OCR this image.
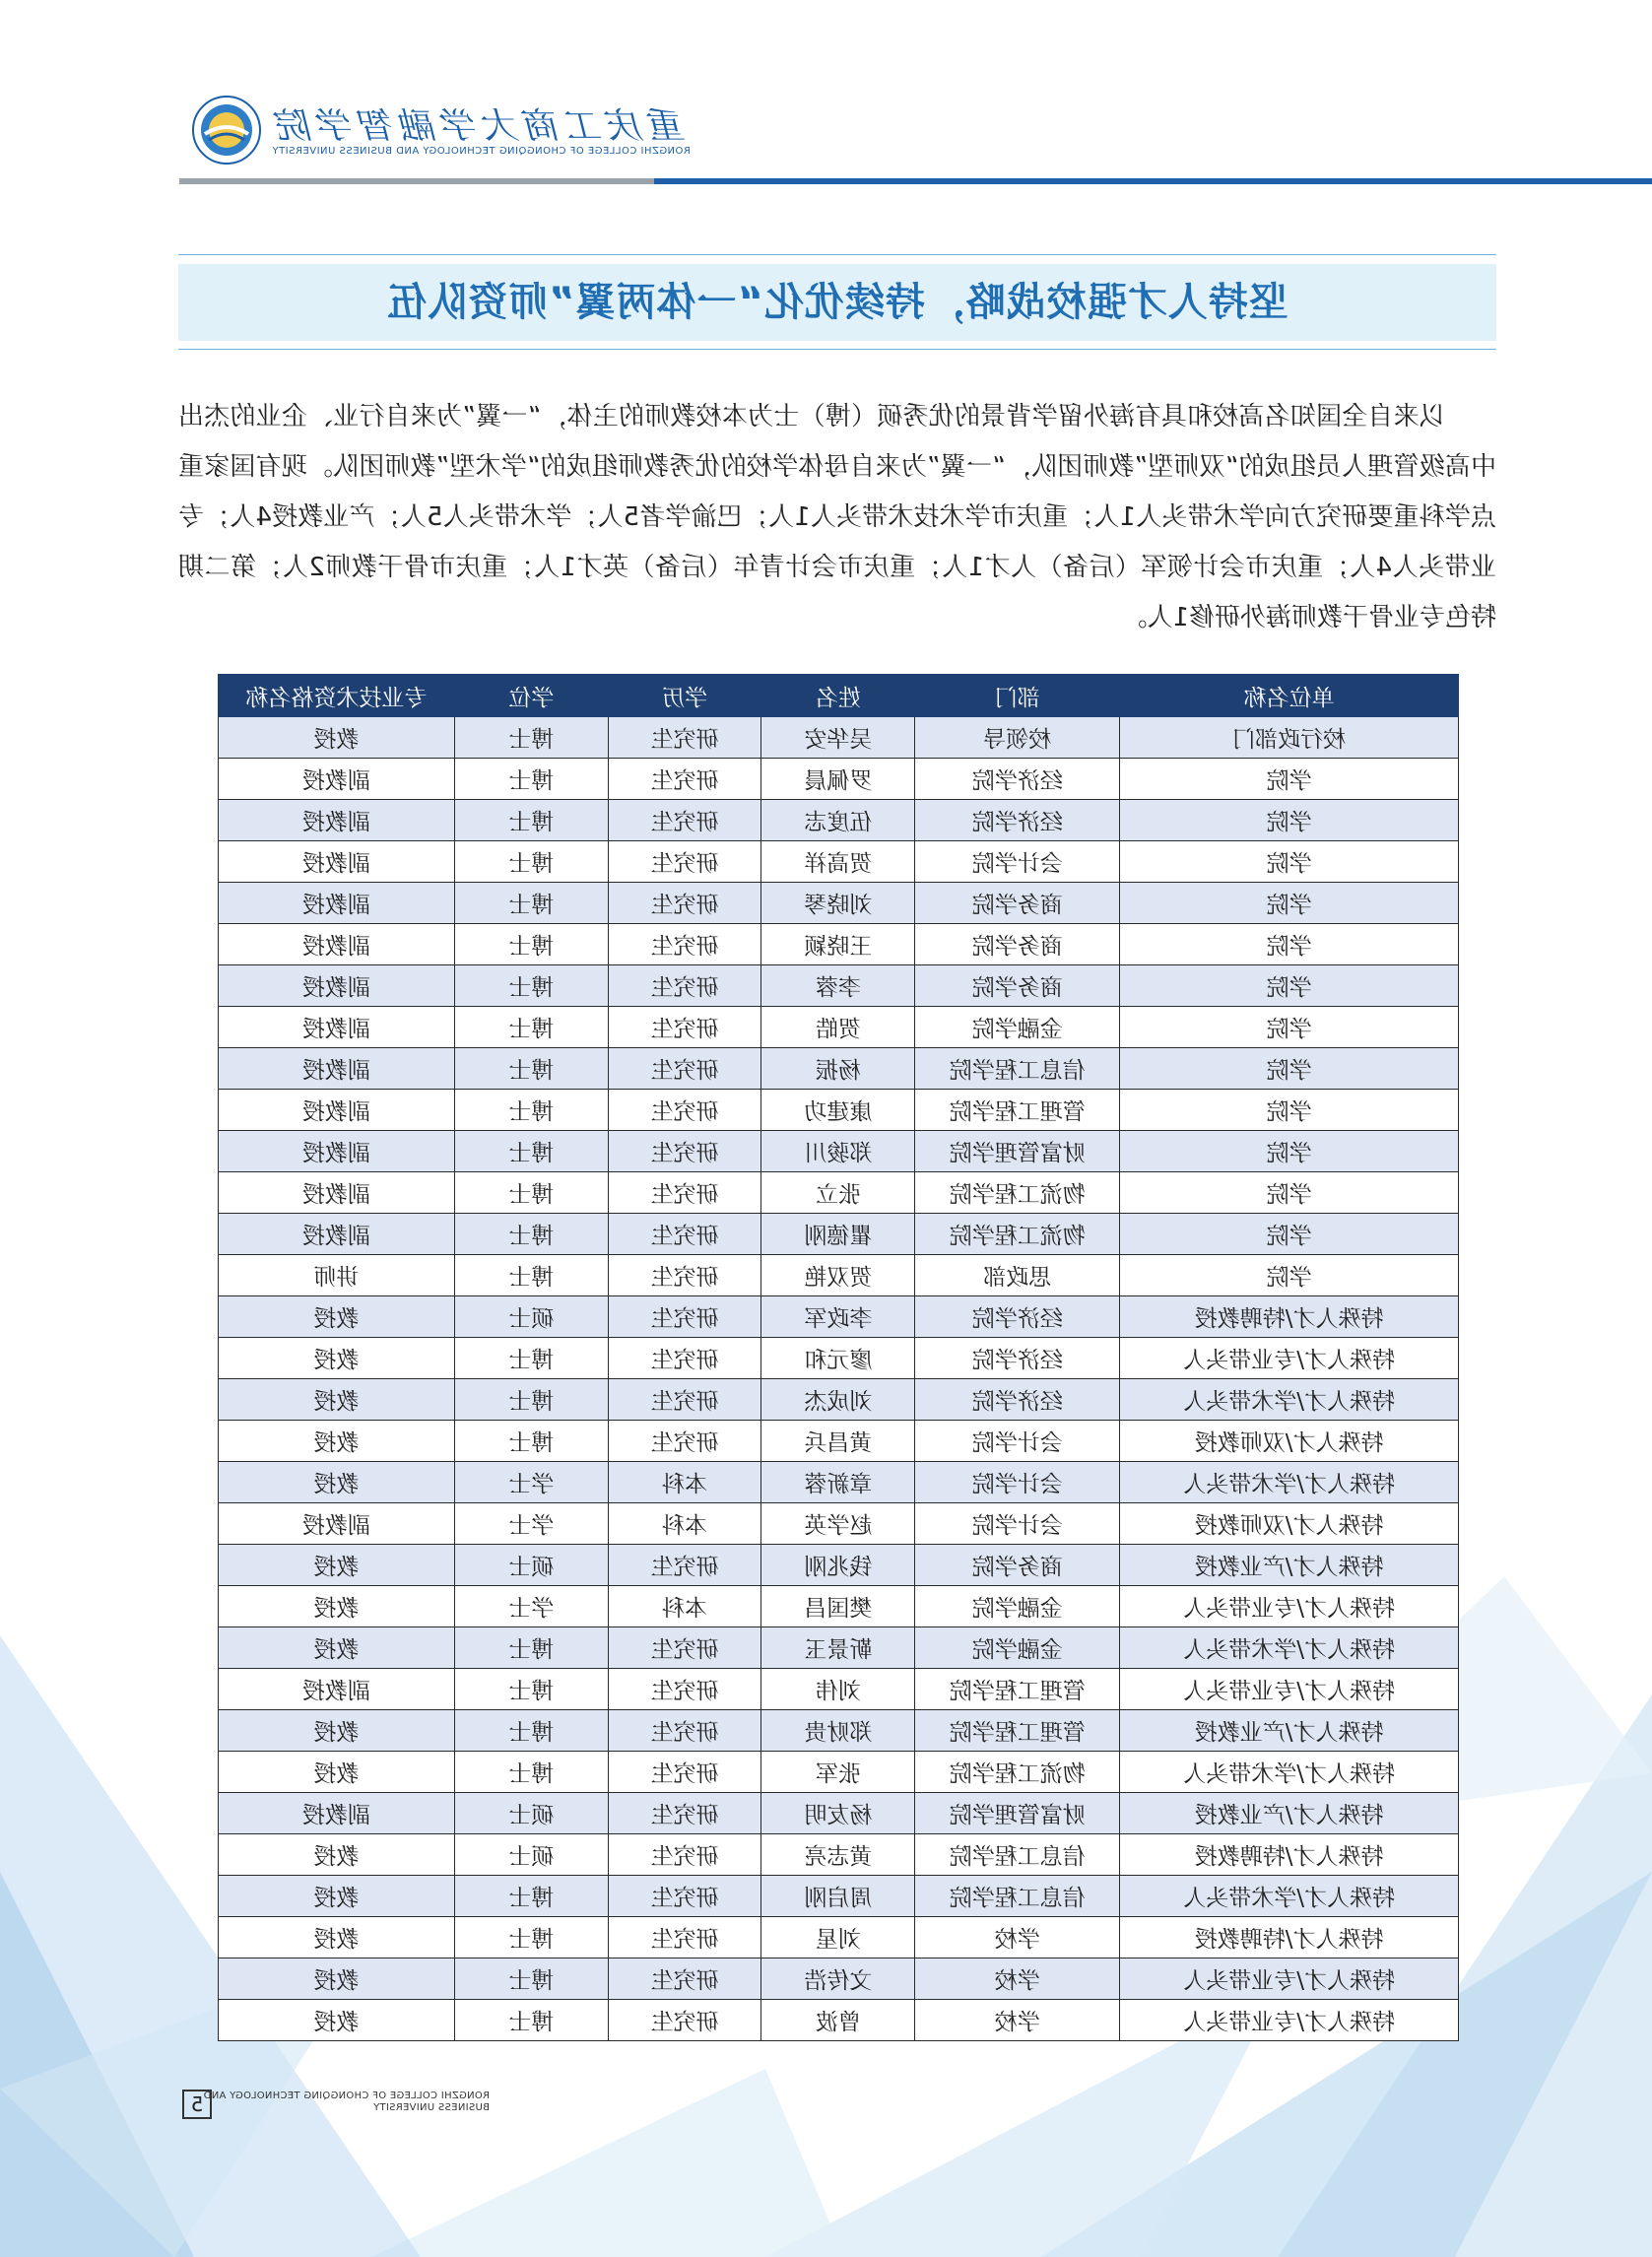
重庆工商大学融智学院
RONGZHI COLLEGE OF CHONGQING TECHNOLOGY AND BUSINESS UNIVERSITY
坚持人才强校战略，持续优化“一体两翼”师资队伍
以来自全国知名高校和具有海外留学背景的优秀硕（博）士为本校教师的主体，“一翼”为来自行业、企业的杰出中高级管理人员组成的“双师型”教师团队，“一翼”为来自母体学校的优秀教师组成的“学术型”教师团队。现有国家重点学科重要研究方向学术带头人1人；重庆市学术技术带头人1人；巴渝学者5人；学术带头人5人；产业教授4人；专业带头人4人；重庆市会计领军（后备）人才1人；重庆市会计青年（后备）英才1人；重庆市骨干教师2人；第二期特色专业骨干教师海外研修1人。
单位名称	部门	姓名	学历	学位	专业技术资格名称
校行政部门	校领导	吴华安	研究生	博士	教授
学院	经济学院	罗佩晨	研究生	博士	副教授
学院	经济学院	伍度志	研究生	博士	副教授
学院	会计学院	贺高祥	研究生	博士	副教授
学院	商务学院	刘晓琴	研究生	博士	副教授
学院	商务学院	王晓颖	研究生	博士	副教授
学院	商务学院	李蓉	研究生	博士	副教授
学院	金融学院	贺皓	研究生	博士	副教授
学院	信息工程学院	杨振	研究生	博士	副教授
学院	管理工程学院	康建功	研究生	博士	副教授
学院	财富管理学院	郑骏川	研究生	博士	副教授
学院	物流工程学院	张立	研究生	博士	副教授
学院	物流工程学院	瞿德刚	研究生	博士	副教授
学院	思政部	贺双艳	研究生	博士	讲师
特殊人才/特聘教授	经济学院	李政军	研究生	硕士	教授
特殊人才/专业带头人	经济学院	廖元和	研究生	博士	教授
特殊人才/学术带头人	经济学院	刘成杰	研究生	博士	教授
特殊人才/双师教授	会计学院	黄昌兵	研究生	博士	教授
特殊人才/学术带头人	会计学院	章新蓉	本科	学士	教授
特殊人才/双师教授	会计学院	赵学英	本科	学士	副教授
特殊人才/产业教授	商务学院	钱兆刚	研究生	硕士	教授
特殊人才/专业带头人	金融学院	樊国昌	本科	学士	教授
特殊人才/学术带头人	金融学院	靳景玉	研究生	博士	教授
特殊人才/专业带头人	管理工程学院	刘伟	研究生	博士	副教授
特殊人才/产业教授	管理工程学院	郑财贵	研究生	博士	教授
特殊人才/学术带头人	物流工程学院	张军	研究生	博士	教授
特殊人才/产业教授	财富管理学院	杨友明	研究生	硕士	副教授
特殊人才/特聘教授	信息工程学院	黄志亮	研究生	硕士	教授
特殊人才/学术带头人	信息工程学院	周启刚	研究生	博士	教授
特殊人才/特聘教授	学校	刘星	研究生	博士	教授
特殊人才/专业带头人	学校	文传浩	研究生	博士	教授
特殊人才/专业带头人	学校	曾波	研究生	博士	教授
RONGZHI COLLEGE OF CHONGQING TECHNOLOGY AND BUSINESS UNIVERSITY
5
